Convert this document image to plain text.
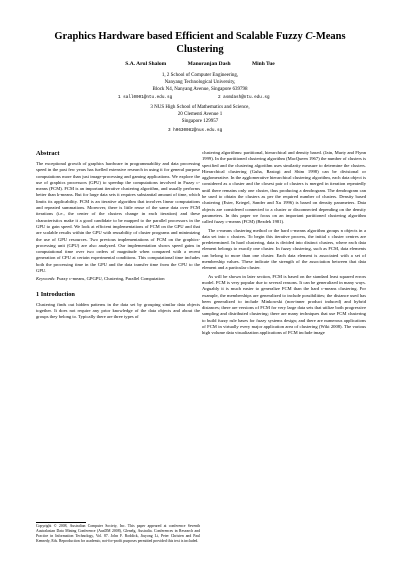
Graphics Hardware based Efficient and Scalable Fuzzy C-Means
Clustering
S.A. Arul Shalom	Manoranjan Dash	Minh Tue
1, 2 School of Computer Engineering,
Nanyang Technological University,
Block N4, Nanyang Avenue, Singapore 639798
1 sall0001@ntu.edu.sg	2 asmdash@ntu.edu.sg
3 NUS High School of Mathematics and Science,
20 Clementi Avenue 1
Singapore 129957
3 h0630082@nus.edu.sg
Abstract

The exceptional growth of graphics hardware in programmability and data processing speed in the past few years has fuelled extensive research in using it for general purpose computations more than just image-processing and gaming applications. We explore the use of graphics processors (GPU) to speedup the computations involved in Fuzzy c-means (FCM). FCM is an important iterative clustering algorithm, and usually performs better than k-means. But for large data sets it requires substantial amount of time, which limits its applicability. FCM is an iterative algorithm that involves linear computations and repeated summations. Moreover, there is little reuse of the same data over FCM iterations (i.e., the center of the clusters change in each iteration) and these characteristics make it a good candidate to be mapped to the parallel processors in the GPU to gain speed. We look at efficient implementations of FCM on the GPU and that are scalable results within the GPU with reusability of cluster programs and minimizing the use of GPU resources. Two previous implementations of FCM on the graphics-processing unit (GPU) are also analyzed. Our implementation shows speed gains in computational time over two orders of magnitude when compared with a recent generation of CPU at certain experimental conditions. This computational time includes both the processing time in the GPU and the data transfer time from the CPU to the GPU.

Keywords: Fuzzy c-means, GPGPU, Clustering, Parallel Computation

1 Introduction

Clustering finds out hidden patterns in the data set by grouping similar data objects together. It does not require any prior knowledge of the data objects and about the groups they belong to. Typically there are three types of

Copyright © 2008, Australian Computer Society, Inc. This paper appeared at conference Seventh Australasian Data Mining Conference (AusDM 2008), Glenelg, Australia. Conferences in Research and Practice in Information Technology, Vol. 87. John F. Roddick, Jiuyong Li, Peter Christen and Paul Kennedy, Eds. Reproduction for academic, not-for-profit purposes permitted provided this text is included.

clustering algorithms: partitional, hierarchical and density based. (Jain, Murty and Flynn 1999). In the partitioned clustering algorithm (MacQueen 1967) the number of clusters is specified and the clustering algorithm uses similarity measure to determine the clusters. Hierarchical clustering (Guha, Rastogi and Shim 1998) can be divisional or agglomerative. In the agglomerative hierarchical clustering algorithm, each data object is considered as a cluster and the closest pair of clusters is merged in iteration repeatedly until there remains only one cluster, thus producing a dendrogram. The dendrogram can be used to obtain the clusters as per the required number of clusters. Density based clustering (Ester, Kriegel, Sander and Xu 1996) is based on density parameters. Data objects are considered connected to a cluster or disconnected depending on the density parameters. In this paper we focus on an important partitioned clustering algorithm called fuzzy c-means (FCM) (Bezdek 1981).

The c-means clustering method or the hard c-means algorithm groups n objects in a data set into c clusters. To begin this iterative process, the initial c cluster centres are predetermined. In hard clustering, data is divided into distinct clusters, where each data element belongs to exactly one cluster. In fuzzy clustering, such as FCM, data elements can belong to more than one cluster. Each data element is associated with a set of membership values. These indicate the strength of the association between that data element and a particular cluster.

As will be shown in later section, FCM is based on the standard least squared errors model. FCM is very popular due to several reasons. It can be generalized in many ways. Arguably it is much easier to generalize FCM than the hard c-means clustering. For example, the memberships are generalized to include possibilities; the distance used has been generalized to include Minkowski (non-inner product induced) and hybrid distances; there are versions of FCM for very large data sets that utilize both progressive sampling and distributed clustering; there are many techniques that use FCM clustering to build fuzzy rule bases for fuzzy systems design; and there are numerous applications of FCM in virtually every major application area of clustering (Wiki 2008). The various high volume data visualization applications of FCM include image
